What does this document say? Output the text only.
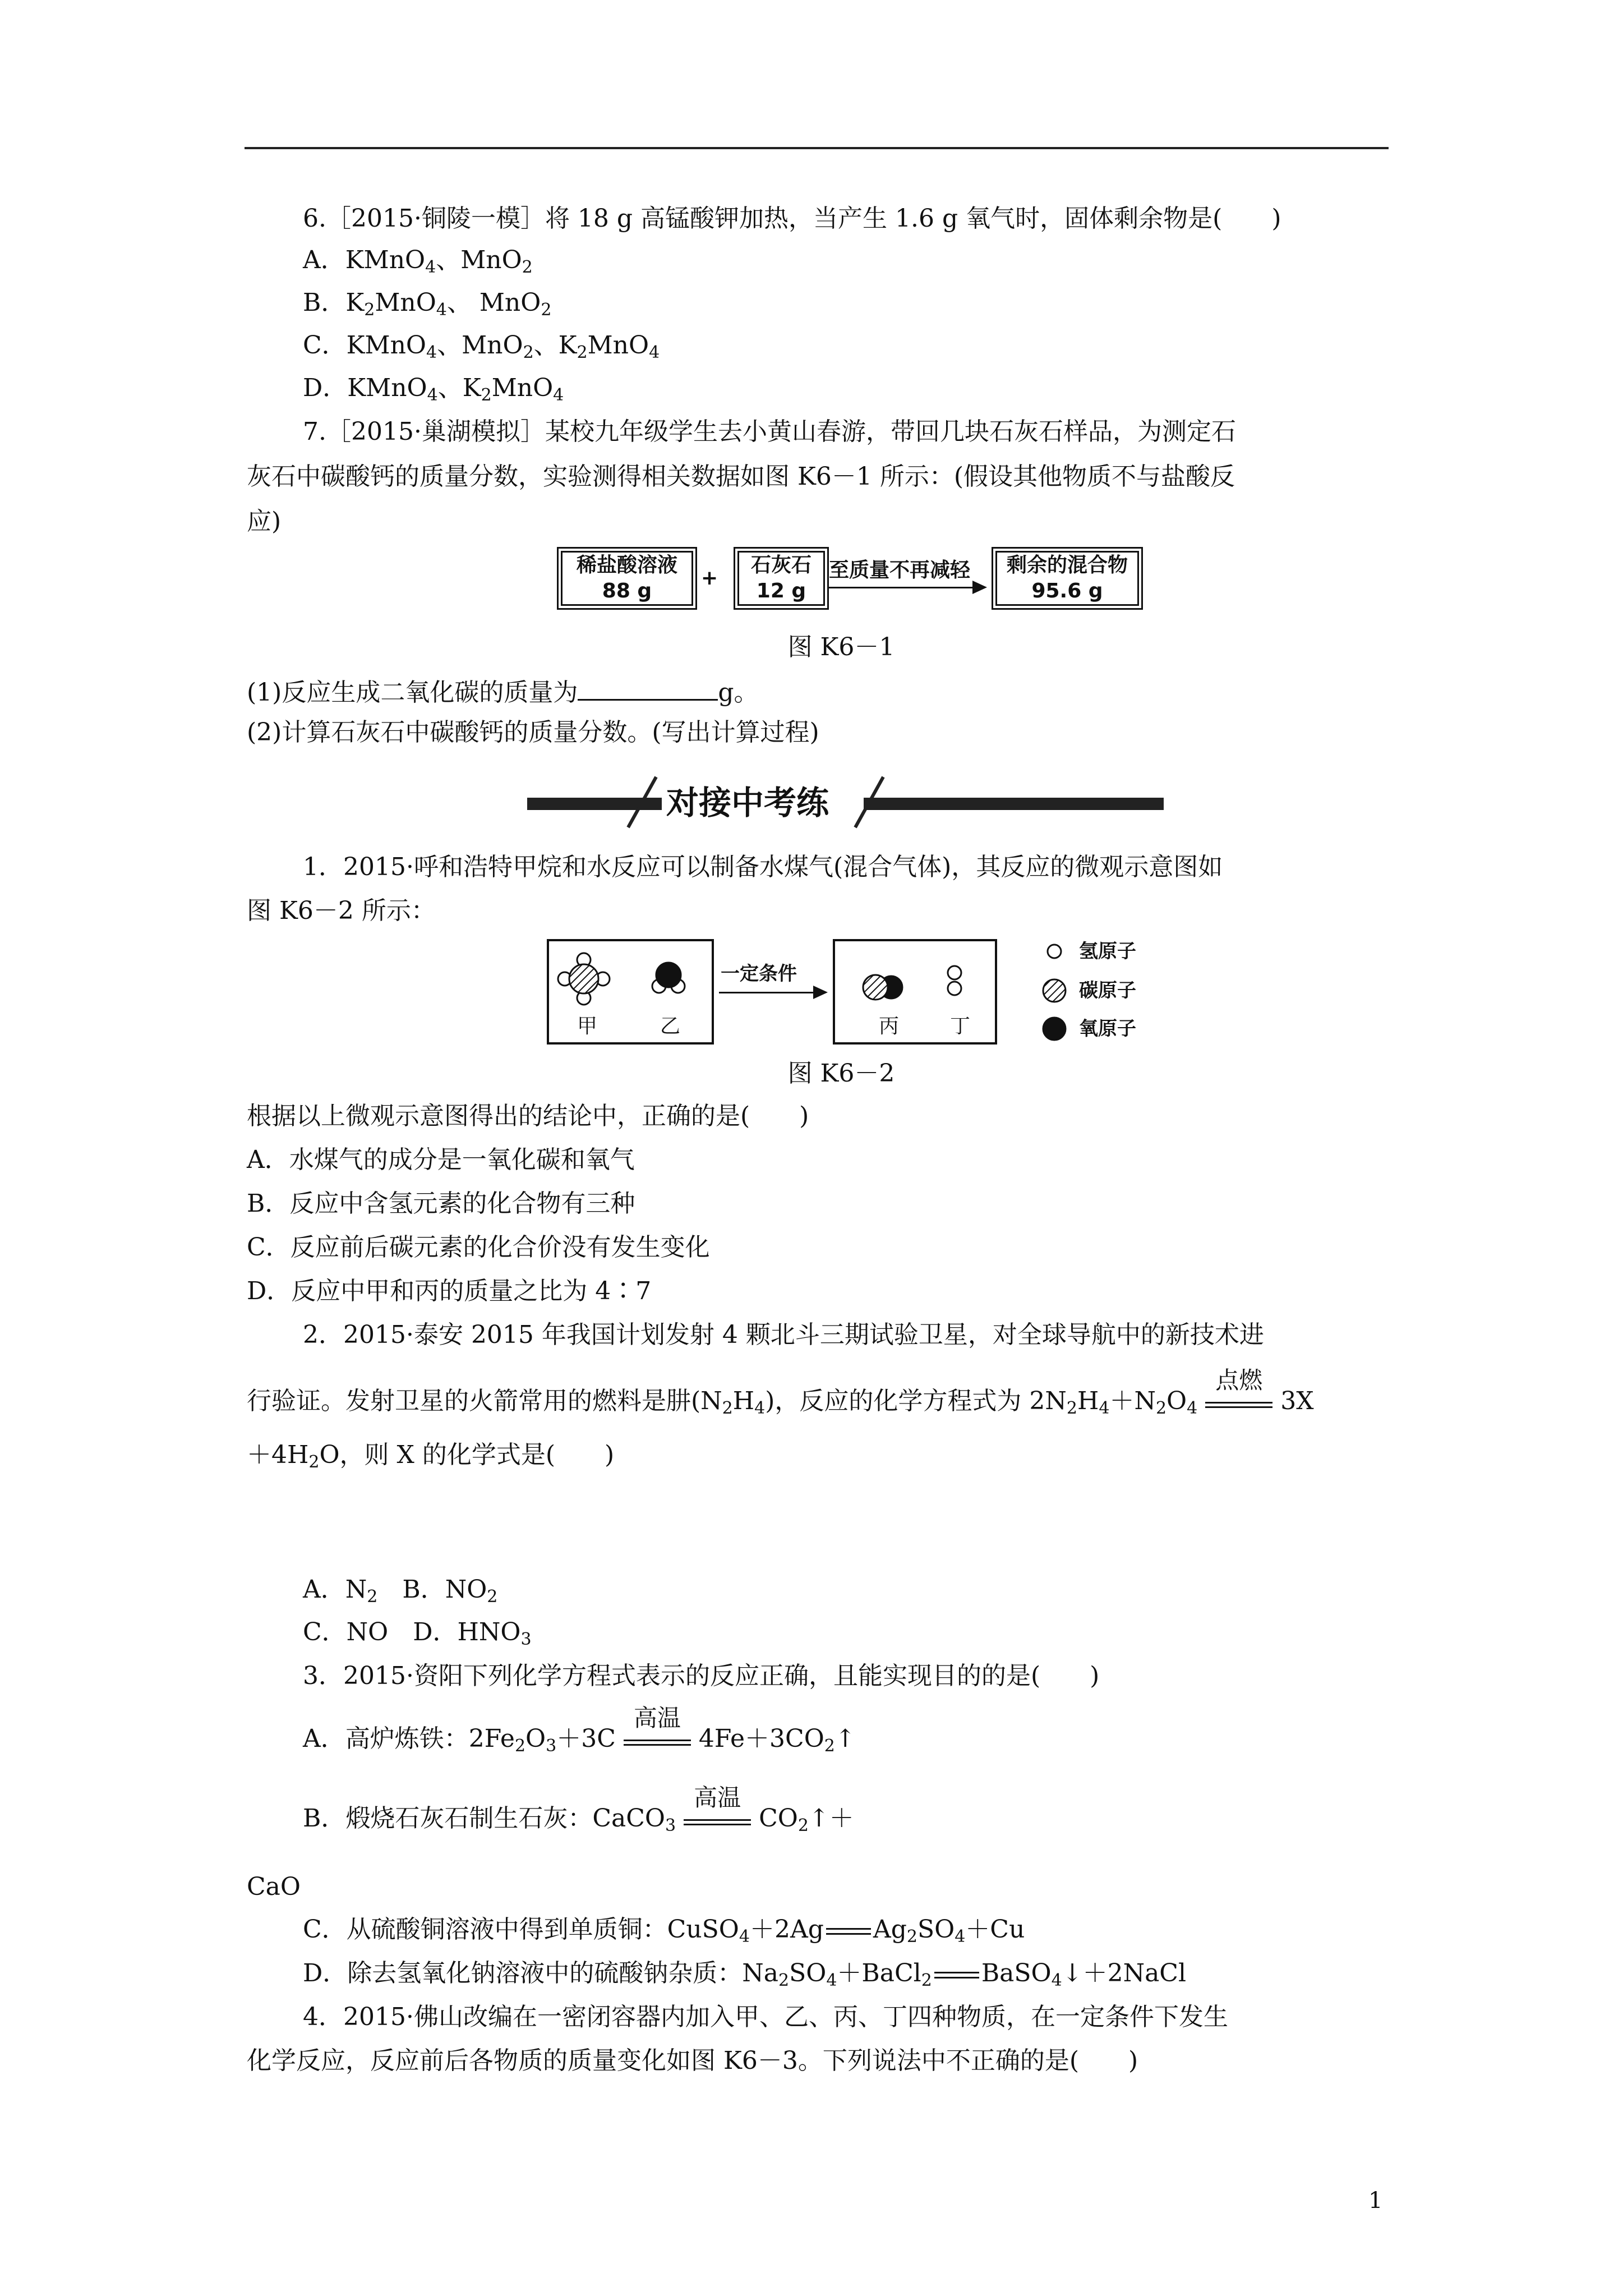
6.［2015·铜陵一模］将 18 g 高锰酸钾加热，当产生 1.6 g 氧气时，固体剩余物是(　　)
A．KMnO$_4$、MnO$_2$
B．$K_2MnO_4$、 MnO$_2$
C．KMnO$_4$、MnO$_2$、$K_2MnO_4$
D．KMnO$_4$、$K_2MnO_4$
7.［2015·巢湖模拟］某校九年级学生去小黄山春游，带回几块石灰石样品，为测定石
灰石中碳酸钙的质量分数，实验测得相关数据如图 K6－1 所示：(假设其他物质不与盐酸反
应)
稀盐酸溶液
88 g
+
石灰石
12 g
至质量不再减轻	剩余的混合物
95.6 g
图 K6－1
(1)反应生成二氧化碳的质量为	g。
(2)计算石灰石中碳酸钙的质量分数。(写出计算过程)
对接中考练
1．2015·呼和浩特甲烷和水反应可以制备水煤气(混合气体)，其反应的微观示意图如
图 K6－2 所示：
甲	乙
一定条件
丙	丁
氢原子
碳原子
氧原子
图 K6－2
根据以上微观示意图得出的结论中，正确的是(　　)
A．水煤气的成分是一氧化碳和氧气
B．反应中含氢元素的化合物有三种
C．反应前后碳元素的化合价没有发生变化
D．反应中甲和丙的质量之比为 4∶7
2．2015·泰安 2015 年我国计划发射 4 颗北斗三期试验卫星，对全球导航中的新技术进
行验证。发射卫星的火箭常用的燃料是肼$(N_2H_4)$，反应的化学方程式为 $2N_2H_4+N_2O_4$
点燃
3X
$+4H_2O$，则 X 的化学式是(　　)
A．$N_2$　B．$NO_2$
C．NO　D．$HNO_3$
3．2015·资阳下列化学方程式表示的反应正确，且能实现目的的是(　　)
A．高炉炼铁：$2Fe_2O_3+3C$
高温
$4Fe+3CO_2↑$
B．煅烧石灰石制生石灰：CaCO$_3$
高温
$CO_2↑+$
CaO
C．从硫酸铜溶液中得到单质铜：CuSO$_4$＋2Ag $Ag_2SO_4+Cu$
D．除去氢氧化钠溶液中的硫酸钠杂质：$Na_2SO_4+BaCl_2$ BaSO$_4$↓＋2NaCl
4．2015·佛山改编在一密闭容器内加入甲、乙、丙、丁四种物质，在一定条件下发生
化学反应，反应前后各物质的质量变化如图 K6－3。下列说法中不正确的是(　　)
1
